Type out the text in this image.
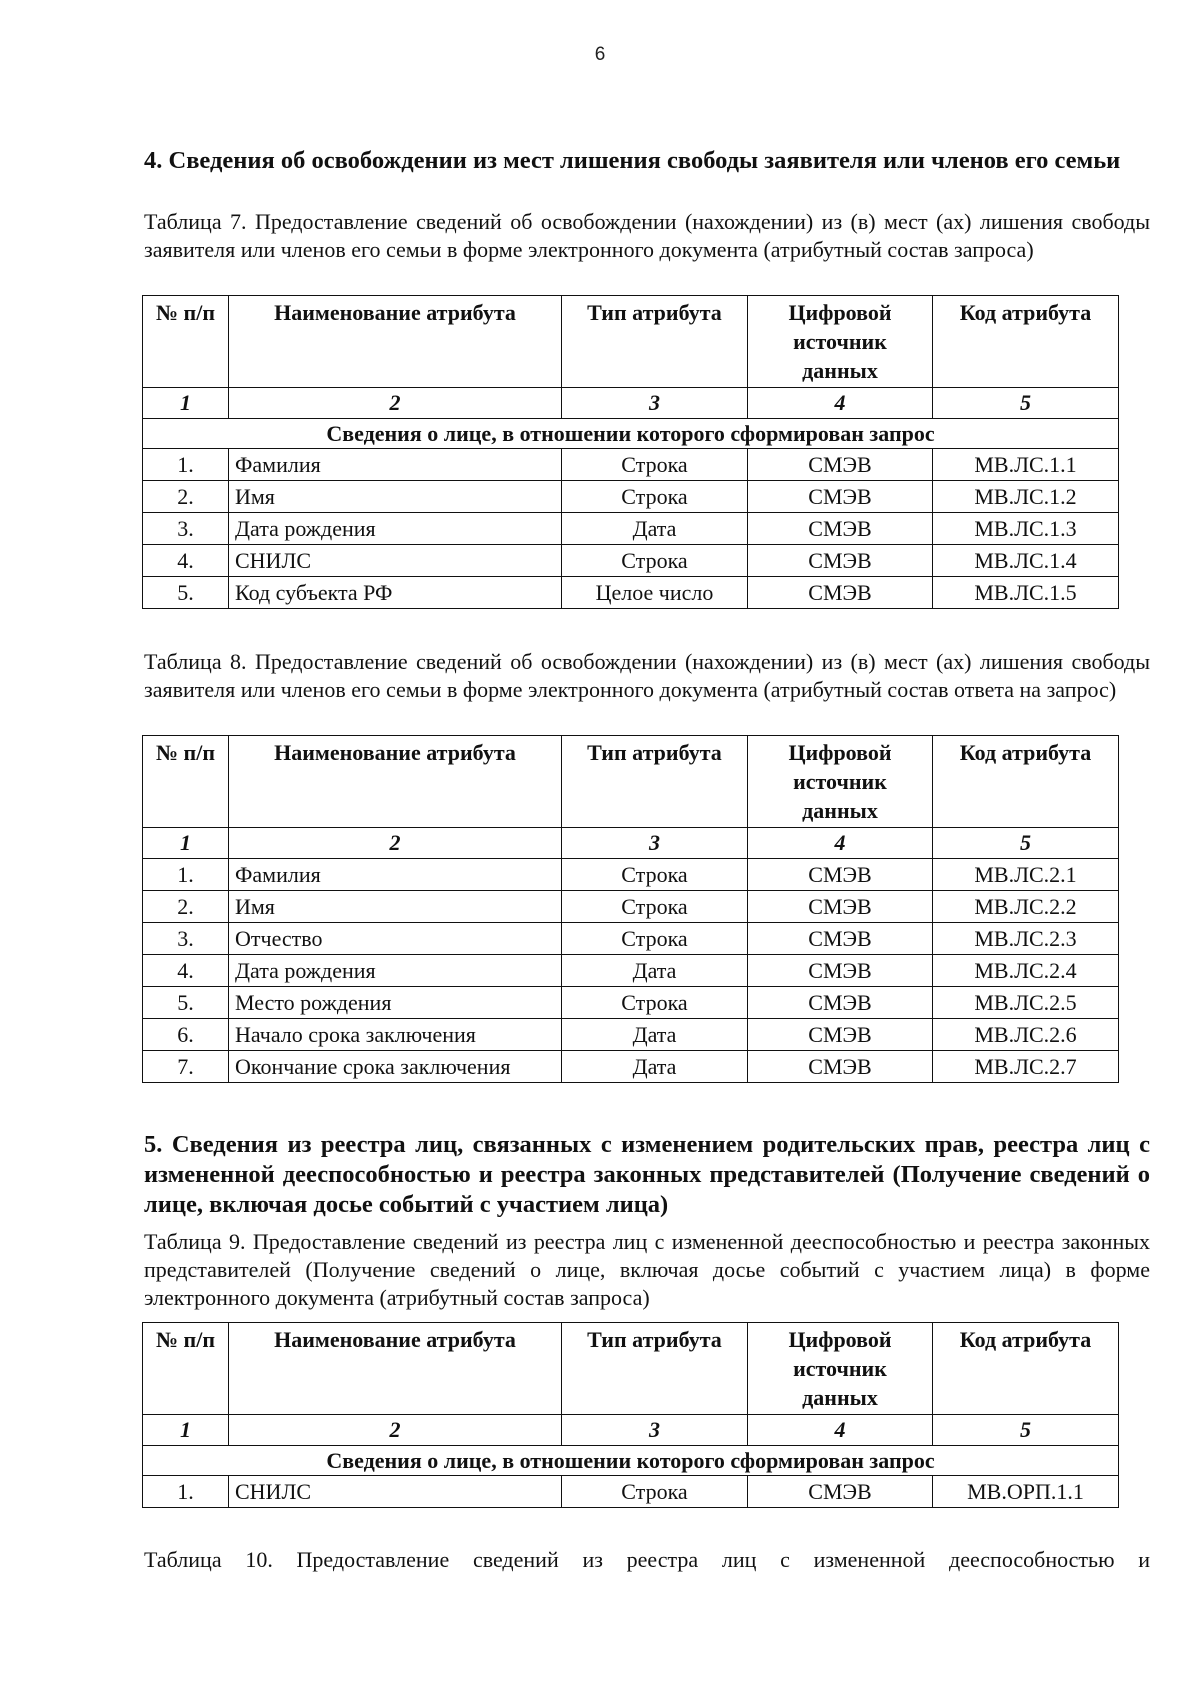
6
4. Сведения об освобождении из мест лишения свободы заявителя или членов его семьи
Таблица 7. Предоставление сведений об освобождении (нахождении) из (в) мест (ах) лишения свободы заявителя или членов его семьи в форме электронного документа (атрибутный состав запроса)
№ п/п	Наименование атрибута	Тип атрибута	Цифровой источник данных	Код атрибута
1	2	3	4	5
Сведения о лице, в отношении которого сформирован запрос				
1.	Фамилия	Строка	СМЭВ	МВ.ЛС.1.1
2.	Имя	Строка	СМЭВ	МВ.ЛС.1.2
3.	Дата рождения	Дата	СМЭВ	МВ.ЛС.1.3
4.	СНИЛС	Строка	СМЭВ	МВ.ЛС.1.4
5.	Код субъекта РФ	Целое число	СМЭВ	МВ.ЛС.1.5
Таблица 8. Предоставление сведений об освобождении (нахождении) из (в) мест (ах) лишения свободы заявителя или членов его семьи в форме электронного документа (атрибутный состав ответа на запрос)
№ п/п	Наименование атрибута	Тип атрибута	Цифровой источник данных	Код атрибута
1	2	3	4	5
1.	Фамилия	Строка	СМЭВ	МВ.ЛС.2.1
2.	Имя	Строка	СМЭВ	МВ.ЛС.2.2
3.	Отчество	Строка	СМЭВ	МВ.ЛС.2.3
4.	Дата рождения	Дата	СМЭВ	МВ.ЛС.2.4
5.	Место рождения	Строка	СМЭВ	МВ.ЛС.2.5
6.	Начало срока заключения	Дата	СМЭВ	МВ.ЛС.2.6
7.	Окончание срока заключения	Дата	СМЭВ	МВ.ЛС.2.7
5. Сведения из реестра лиц, связанных с изменением родительских прав, реестра лиц с измененной дееспособностью и реестра законных представителей (Получение сведений о лице, включая досье событий с участием лица)
Таблица 9. Предоставление сведений из реестра лиц с измененной дееспособностью и реестра законных представителей (Получение сведений о лице, включая досье событий с участием лица) в форме электронного документа (атрибутный состав запроса)
№ п/п	Наименование атрибута	Тип атрибута	Цифровой источник данных	Код атрибута
1	2	3	4	5
Сведения о лице, в отношении которого сформирован запрос				
1.	СНИЛС	Строка	СМЭВ	МВ.ОРП.1.1
Таблица 10. Предоставление сведений из реестра лиц с измененной дееспособностью и
